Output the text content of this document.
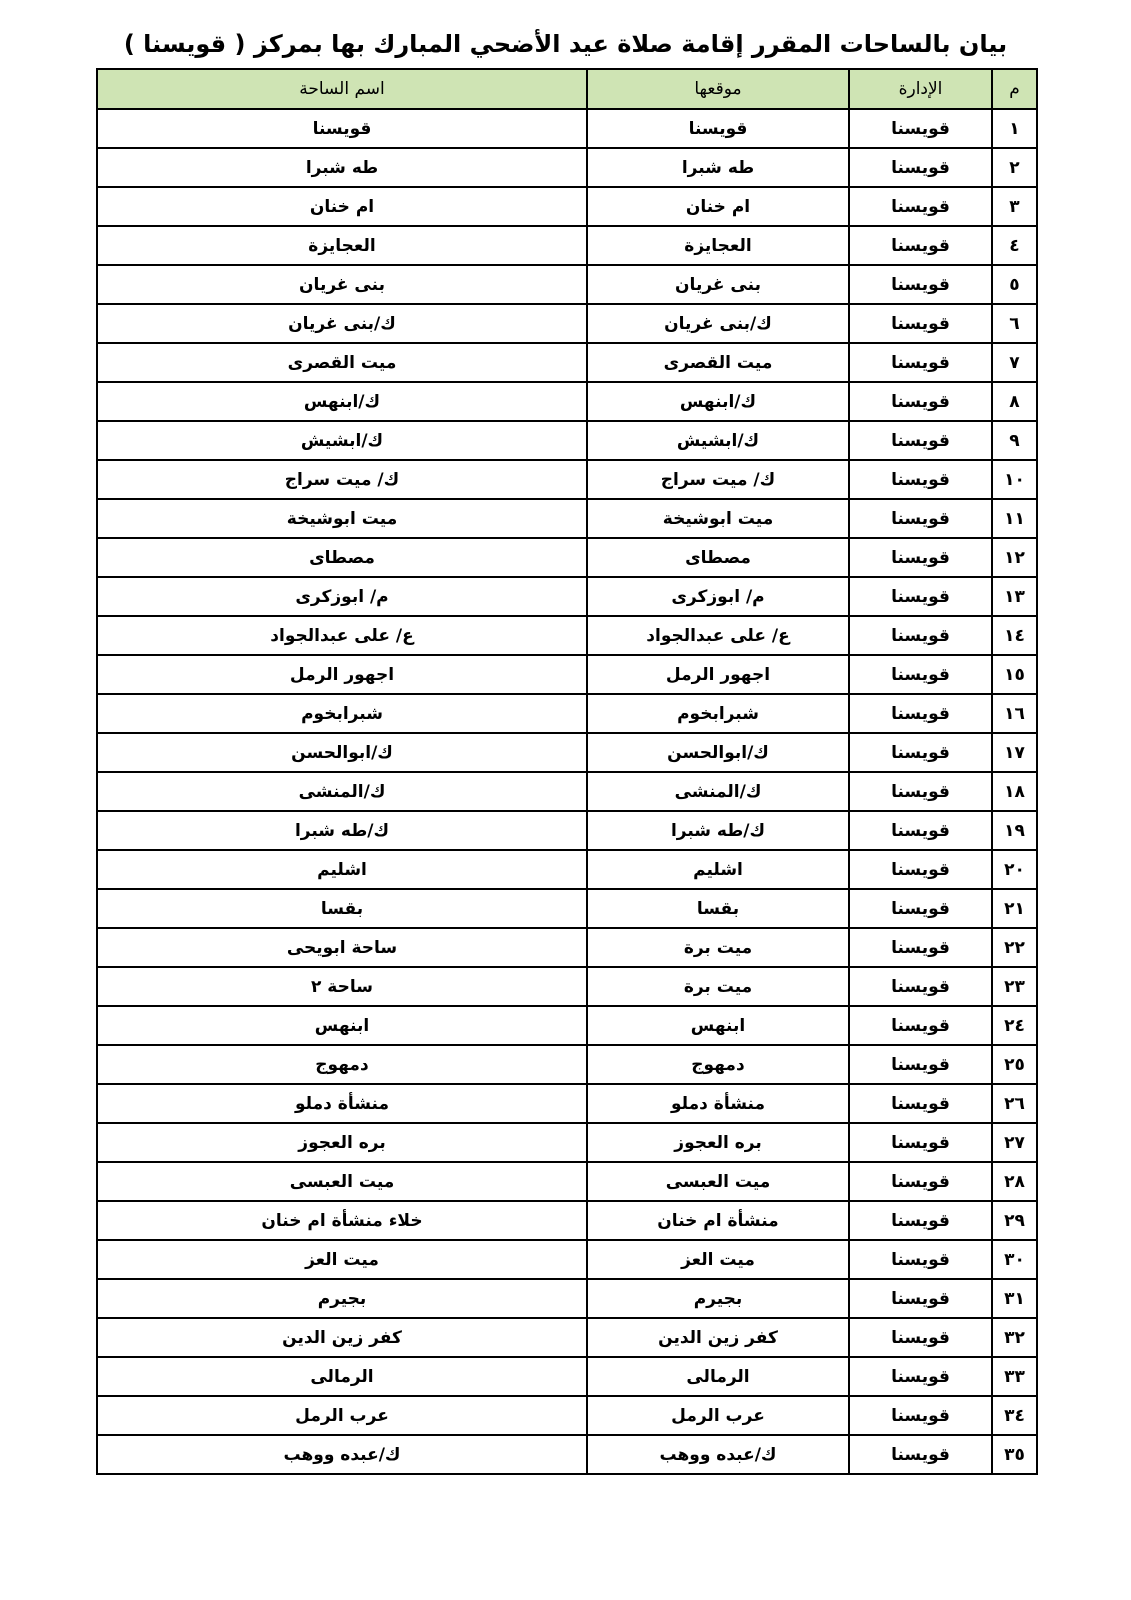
بيان بالساحات المقرر إقامة صلاة عيد الأضحي المبارك بها بمركز ( قويسنا )
م	الإدارة	موقعها	اسم الساحة
١	قويسنا	قويسنا	قويسنا
٢	قويسنا	طه شبرا	طه شبرا
٣	قويسنا	ام خنان	ام خنان
٤	قويسنا	العجايزة	العجايزة
٥	قويسنا	بنى غريان	بنى غريان
٦	قويسنا	ك/بنى غريان	ك/بنى غريان
٧	قويسنا	ميت القصرى	ميت القصرى
٨	قويسنا	ك/ابنهس	ك/ابنهس
٩	قويسنا	ك/ابشيش	ك/ابشيش
١٠	قويسنا	ك/ ميت سراج	ك/ ميت سراج
١١	قويسنا	ميت ابوشيخة	ميت ابوشيخة
١٢	قويسنا	مصطاى	مصطاى
١٣	قويسنا	م/ ابوزكرى	م/ ابوزكرى
١٤	قويسنا	ع/ على عبدالجواد	ع/ على عبدالجواد
١٥	قويسنا	اجهور الرمل	اجهور الرمل
١٦	قويسنا	شبرابخوم	شبرابخوم
١٧	قويسنا	ك/ابوالحسن	ك/ابوالحسن
١٨	قويسنا	ك/المنشى	ك/المنشى
١٩	قويسنا	ك/طه شبرا	ك/طه شبرا
٢٠	قويسنا	اشليم	اشليم
٢١	قويسنا	بقسا	بقسا
٢٢	قويسنا	ميت برة	ساحة ابويحى
٢٣	قويسنا	ميت برة	ساحة ٢
٢٤	قويسنا	ابنهس	ابنهس
٢٥	قويسنا	دمهوج	دمهوج
٢٦	قويسنا	منشأة دملو	منشأة دملو
٢٧	قويسنا	بره العجوز	بره العجوز
٢٨	قويسنا	ميت العبسى	ميت العبسى
٢٩	قويسنا	منشأة ام خنان	خلاء منشأة ام خنان
٣٠	قويسنا	ميت العز	ميت العز
٣١	قويسنا	بجيرم	بجيرم
٣٢	قويسنا	كفر زين الدين	كفر زين الدين
٣٣	قويسنا	الرمالى	الرمالى
٣٤	قويسنا	عرب الرمل	عرب الرمل
٣٥	قويسنا	ك/عبده ووهب	ك/عبده ووهب
